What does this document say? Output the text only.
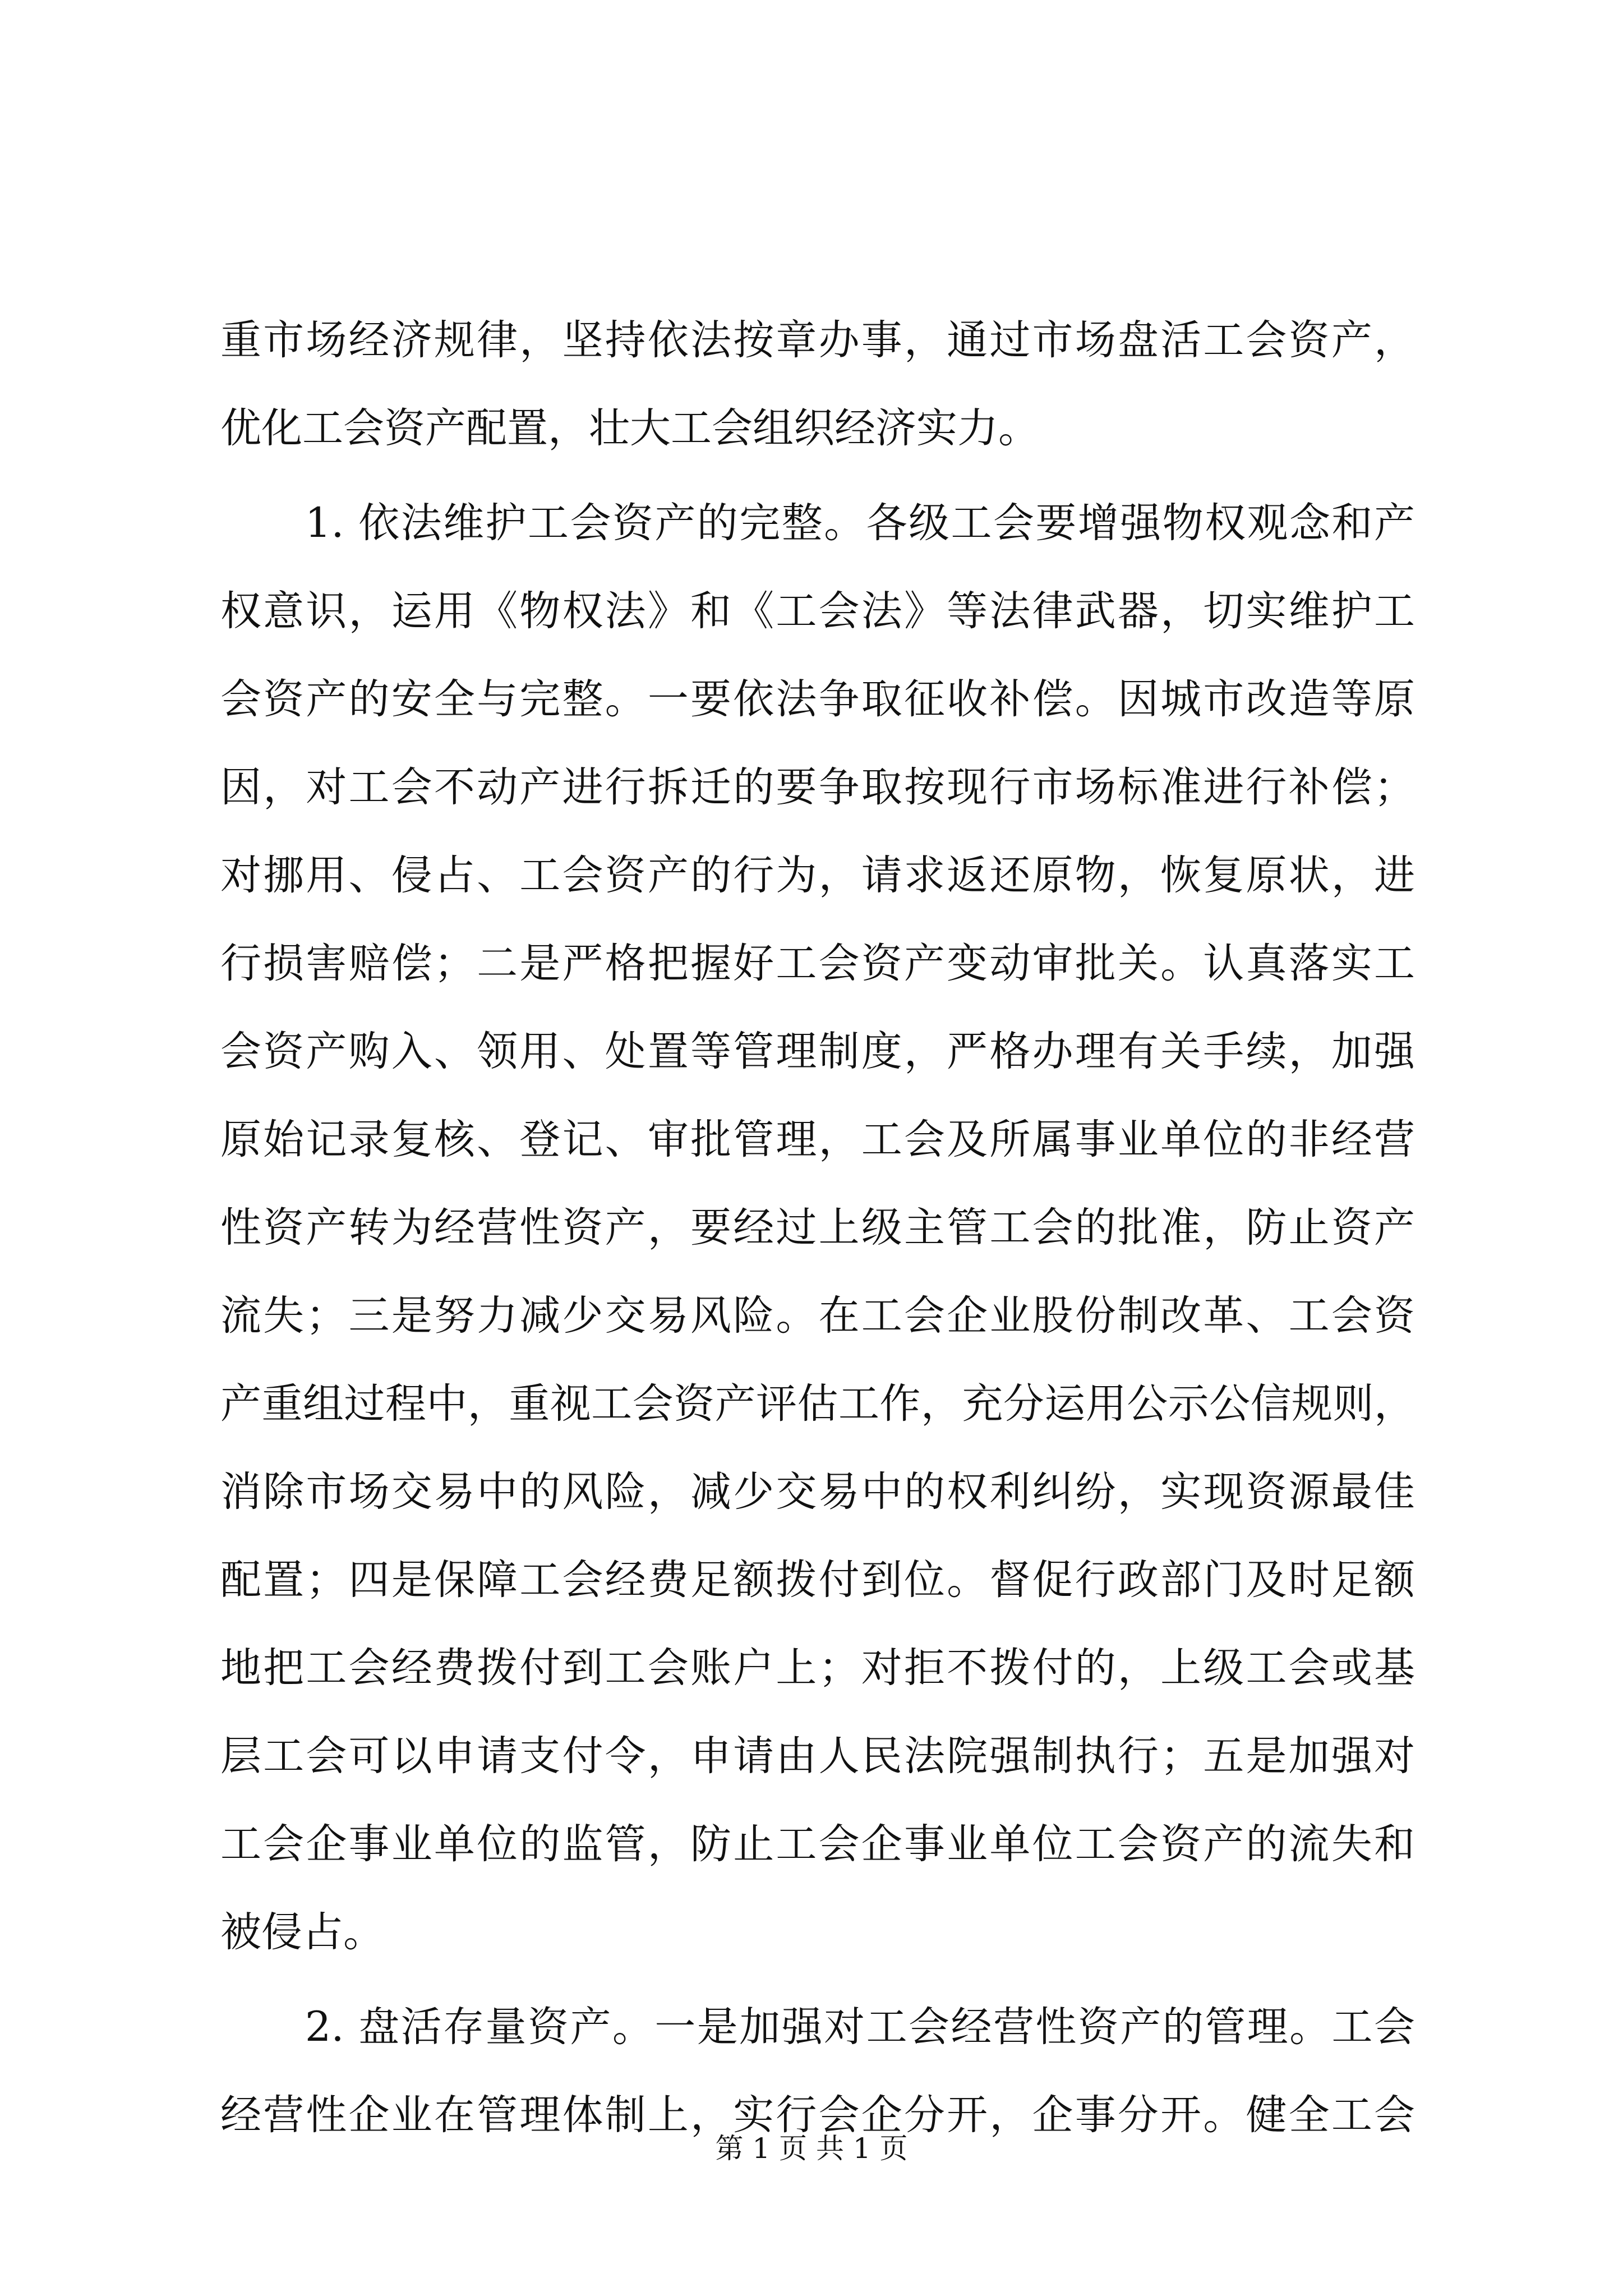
重市场经济规律，坚持依法按章办事，通过市场盘活工会资产，
优化工会资产配置，壮大工会组织经济实力。
　　1. 依法维护工会资产的完整。各级工会要增强物权观念和产
权意识，运用《物权法》和《工会法》等法律武器，切实维护工
会资产的安全与完整。一要依法争取征收补偿。因城市改造等原
因，对工会不动产进行拆迁的要争取按现行市场标准进行补偿；
对挪用、侵占、工会资产的行为，请求返还原物，恢复原状，进
行损害赔偿；二是严格把握好工会资产变动审批关。认真落实工
会资产购入、领用、处置等管理制度，严格办理有关手续，加强
原始记录复核、登记、审批管理，工会及所属事业单位的非经营
性资产转为经营性资产，要经过上级主管工会的批准，防止资产
流失；三是努力减少交易风险。在工会企业股份制改革、工会资
产重组过程中，重视工会资产评估工作，充分运用公示公信规则，
消除市场交易中的风险，减少交易中的权利纠纷，实现资源最佳
配置；四是保障工会经费足额拨付到位。督促行政部门及时足额
地把工会经费拨付到工会账户上；对拒不拨付的，上级工会或基
层工会可以申请支付令，申请由人民法院强制执行；五是加强对
工会企事业单位的监管，防止工会企事业单位工会资产的流失和
被侵占。
　　2. 盘活存量资产。一是加强对工会经营性资产的管理。工会
经营性企业在管理体制上，实行会企分开，企事分开。健全工会
第 1 页 共 1 页
